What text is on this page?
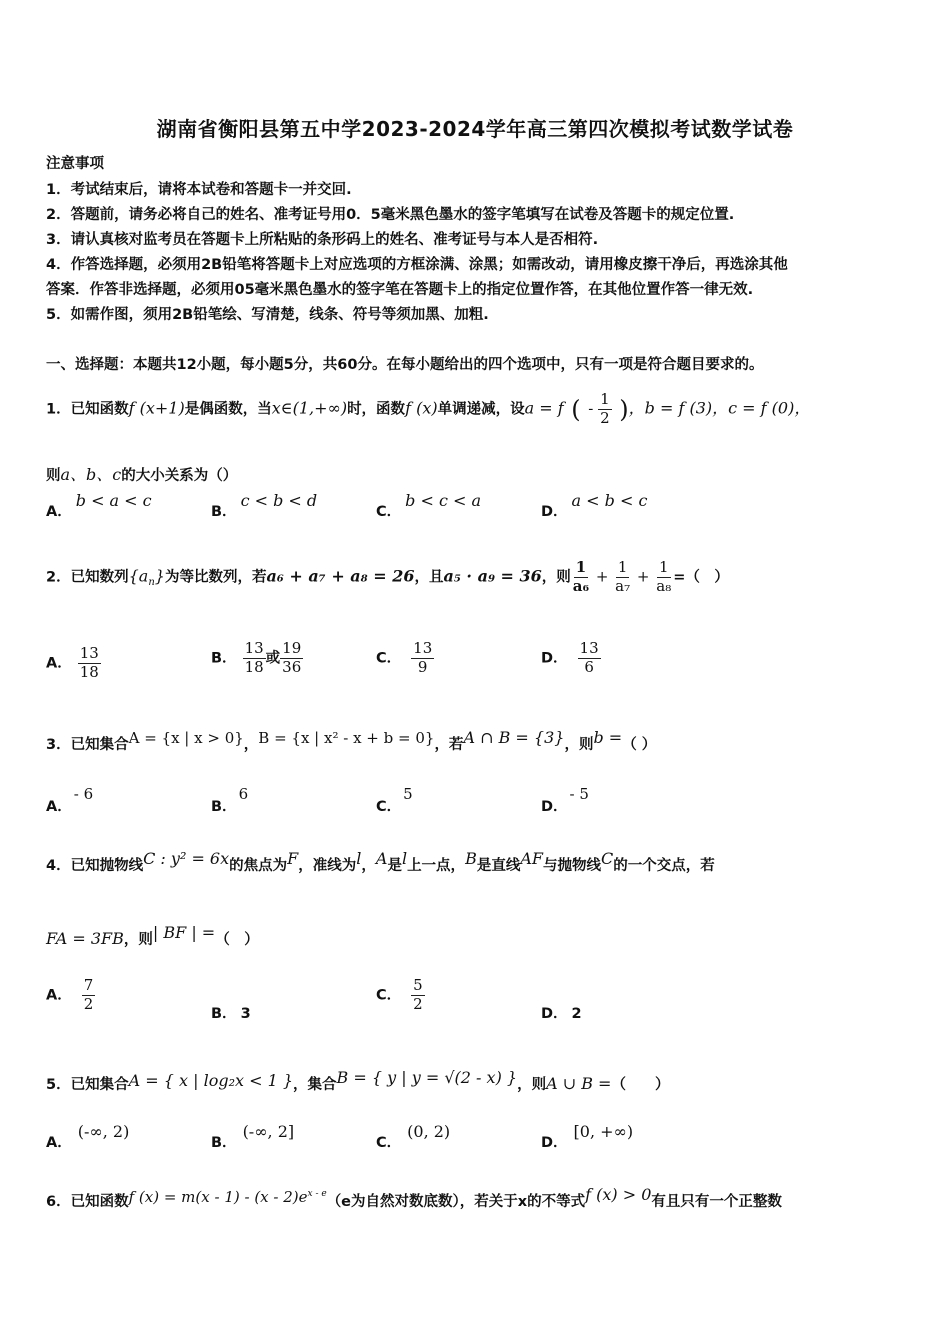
湖南省衡阳县第五中学2023-2024学年高三第四次模拟考试数学试卷
注意事项
1．考试结束后，请将本试卷和答题卡一并交回.
2．答题前，请务必将自己的姓名、准考证号用0．5毫米黑色墨水的签字笔填写在试卷及答题卡的规定位置.
3．请认真核对监考员在答题卡上所粘贴的条形码上的姓名、准考证号与本人是否相符.
4．作答选择题，必须用2B铅笔将答题卡上对应选项的方框涂满、涂黑；如需改动，请用橡皮擦干净后，再选涂其他
答案．作答非选择题，必须用05毫米黑色墨水的签字笔在答题卡上的指定位置作答，在其他位置作答一律无效.
5．如需作图，须用2B铅笔绘、写清楚，线条、符号等须加黑、加粗.
一、选择题：本题共12小题，每小题5分，共60分。在每小题给出的四个选项中，只有一项是符合题目要求的。
1．已知函数f (x+1)是偶函数，当x∈(1,+∞)时，函数f (x)单调递减，设a = f ( - $\frac{1}{2}$ )，b = f (3)，c = f (0)，
则a、b、c的大小关系为（）
A．b < a < c
B．c < b < d
C．b < c < a
D．a < b < c
2．已知数列$\{a_n\}$为等比数列，若a₆ + a₇ + a₈ = 26，且a₅ · a₉ = 36，则 $\frac{1}{\text{a₆}} + \frac{1}{\text{a₇}} + \frac{1}{\text{a₈}}$ =（　）
A． $\frac{13}{18}$	B． $\frac{13}{18}$ 或 $\frac{19}{36}$	C． $\frac{13}{9}$	D． $\frac{13}{6}$
3．已知集合A = {x | x > 0}，B = {x | x² - x + b = 0}，若A ∩ B = {3}，则b =（ ）
A．- 6
B．6
C．5
D．- 5
4．已知抛物线C : y² = 6x的焦点为F，准线为l，A是l上一点，B是直线AF与抛物线C的一个交点，若
FA = 3FB，则| BF | =（　）
A． $\frac{7}{2}$
B． 3
C． $\frac{5}{2}$
D． 2
5．已知集合A = { x | log₂x < 1 }，集合B = { y | y = √(2 - x) }，则A ∪ B =（　　）
A．(-∞, 2)
B．(-∞, 2]
C．(0, 2)
D．[0, +∞)
6．已知函数f $(x) = m(x - 1) - (x - 2)e^{x - e}(e$为自然对数底数），若关于x的不等式f (x) > 0有且只有一个正整数
